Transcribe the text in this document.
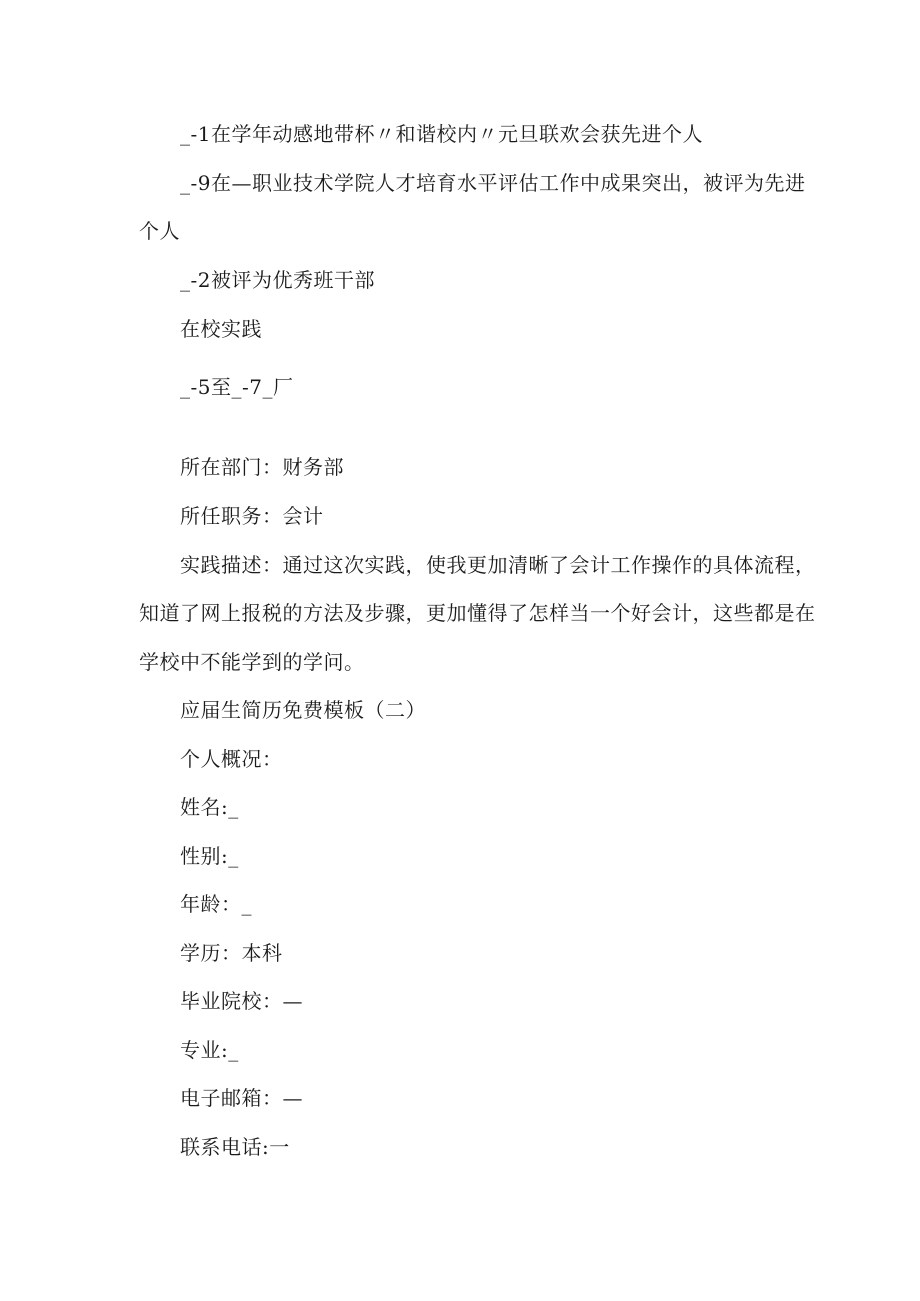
_-1在学年动感地带杯〃和谐校内〃元旦联欢会获先进个人
_-9在—职业技术学院人才培育水平评估工作中成果突出，被评为先进
个人
_-2被评为优秀班干部
在校实践
_-5至_-7_厂
所在部门：财务部
所任职务：会计
实践描述：通过这次实践，使我更加清晰了会计工作操作的具体流程，
知道了网上报税的方法及步骤，更加懂得了怎样当一个好会计，这些都是在
学校中不能学到的学问。
应届生简历免费模板（二）
个人概况：
姓名:_
性别:_
年龄：_
学历：本科
毕业院校：—
专业:_
电子邮箱：—
联系电话:一
